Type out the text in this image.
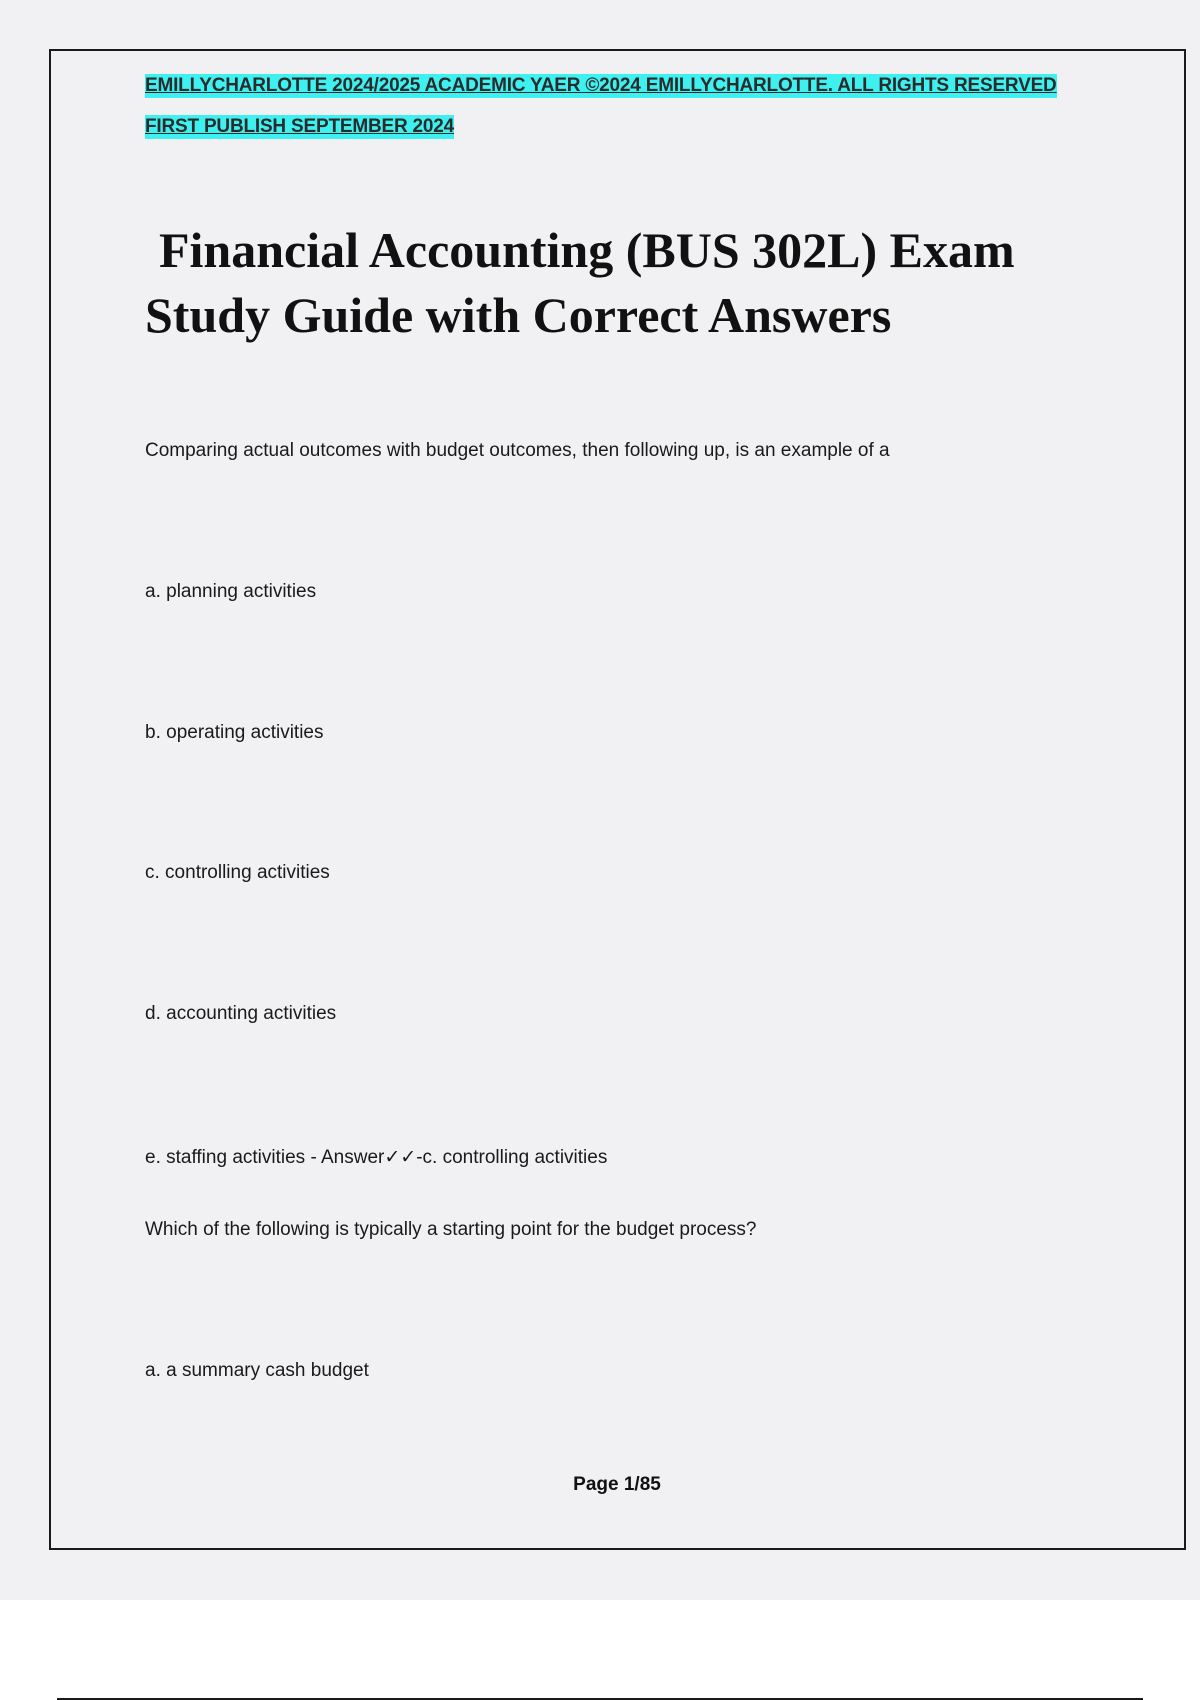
EMILLYCHARLOTTE 2024/2025 ACADEMIC YAER ©2024 EMILLYCHARLOTTE. ALL RIGHTS RESERVED
FIRST PUBLISH SEPTEMBER 2024
Financial Accounting (BUS 302L) Exam
Study Guide with Correct Answers
Comparing actual outcomes with budget outcomes, then following up, is an example of a
a. planning activities
b. operating activities
c. controlling activities
d. accounting activities
e. staffing activities - Answer✓✓-c. controlling activities
Which of the following is typically a starting point for the budget process?
a. a summary cash budget
Page 1/85
